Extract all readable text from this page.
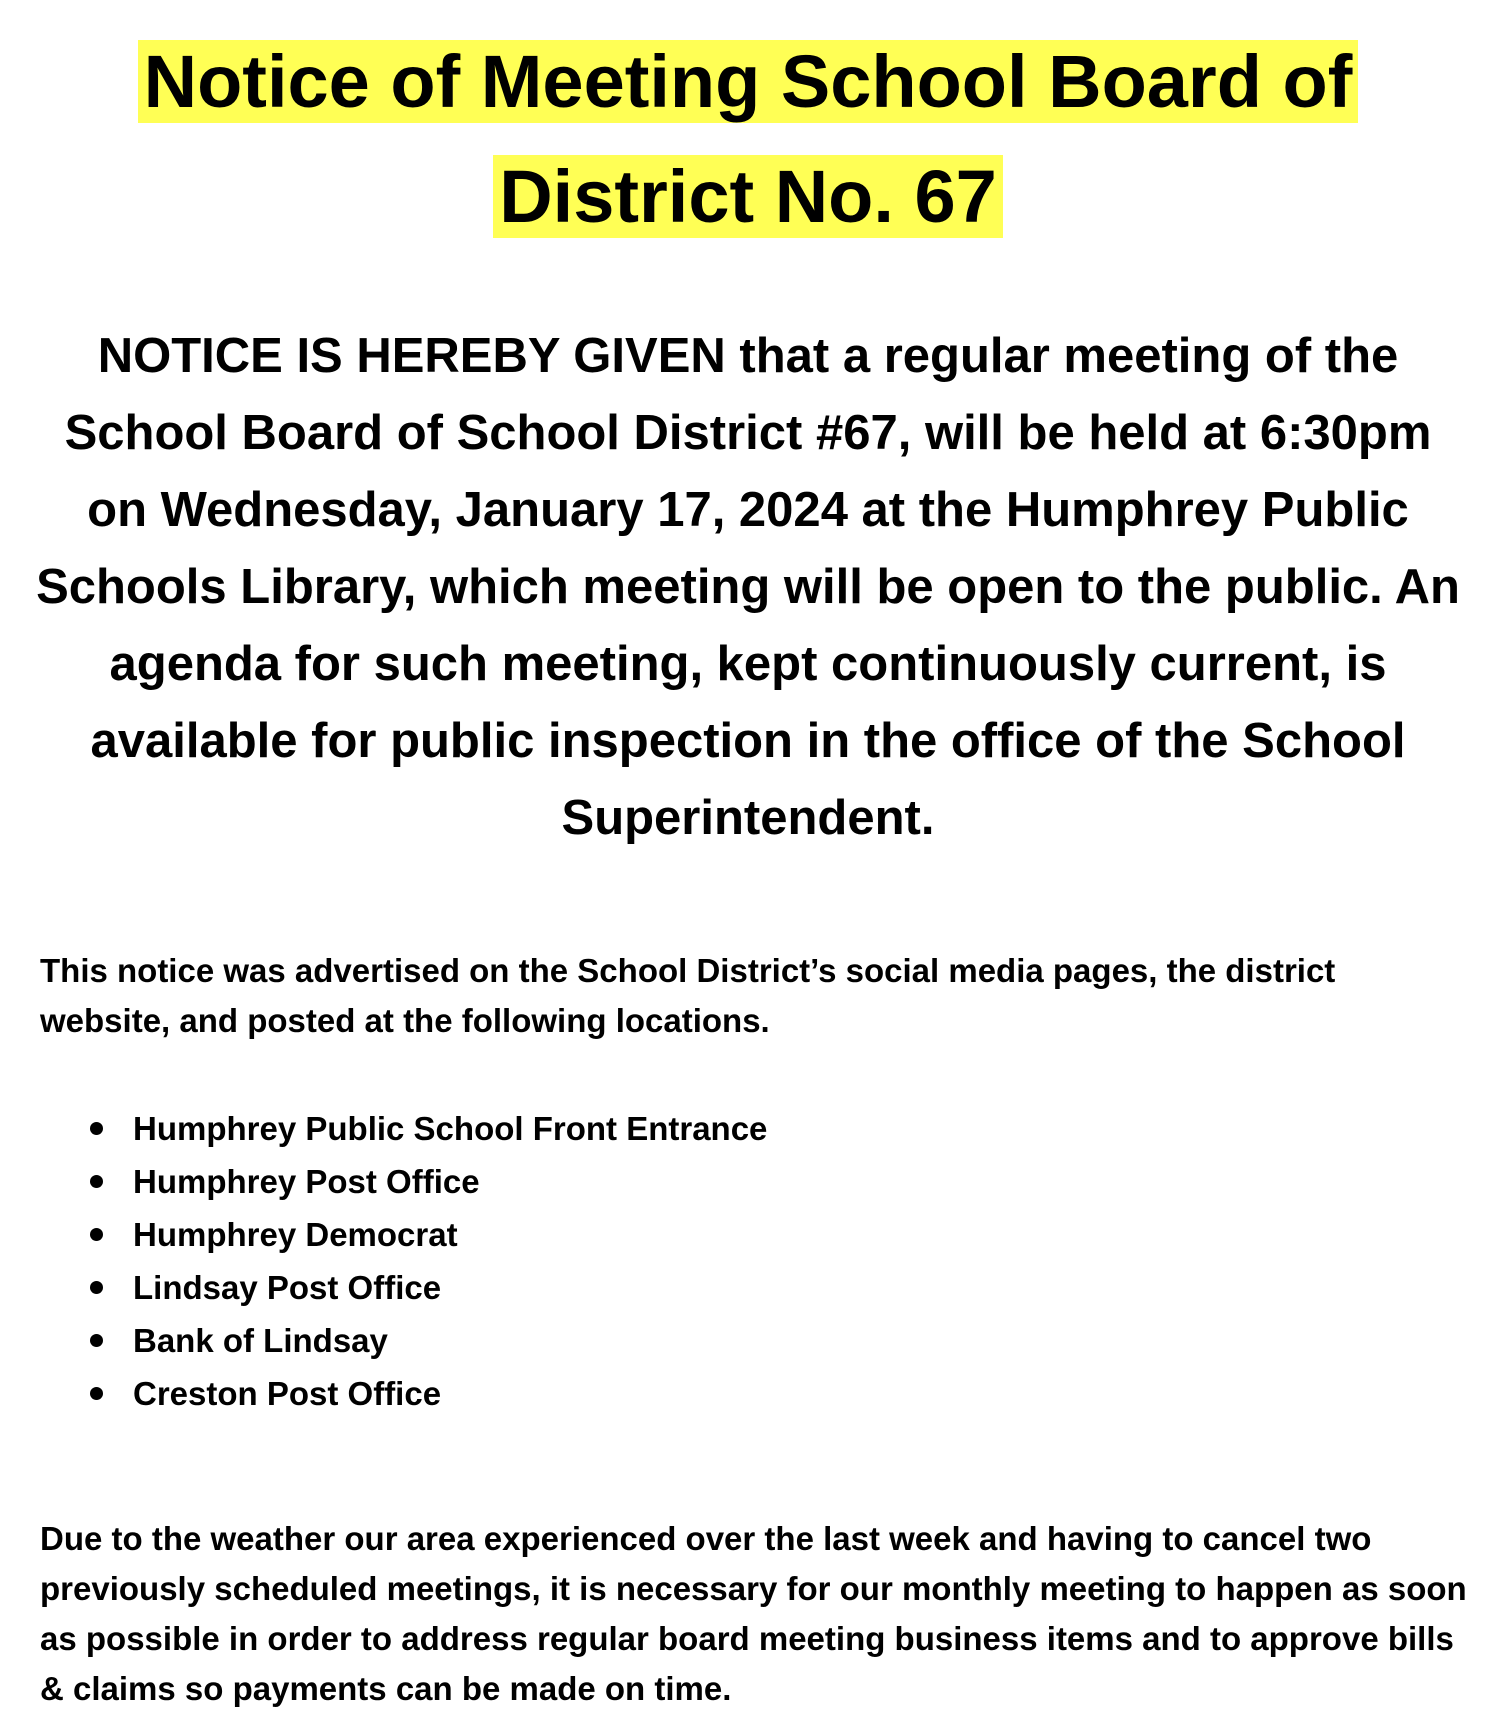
Notice of Meeting School Board of
District No. 67

NOTICE IS HEREBY GIVEN that a regular meeting of the School Board of School District #67, will be held at 6:30pm on Wednesday, January 17, 2024 at the Humphrey Public Schools Library, which meeting will be open to the public. An agenda for such meeting, kept continuously current, is available for public inspection in the office of the School Superintendent.

This notice was advertised on the School District’s social media pages, the district website, and posted at the following locations.

Humphrey Public School Front Entrance
Humphrey Post Office
Humphrey Democrat
Lindsay Post Office
Bank of Lindsay
Creston Post Office

Due to the weather our area experienced over the last week and having to cancel two previously scheduled meetings, it is necessary for our monthly meeting to happen as soon as possible in order to address regular board meeting business items and to approve bills & claims so payments can be made on time.
